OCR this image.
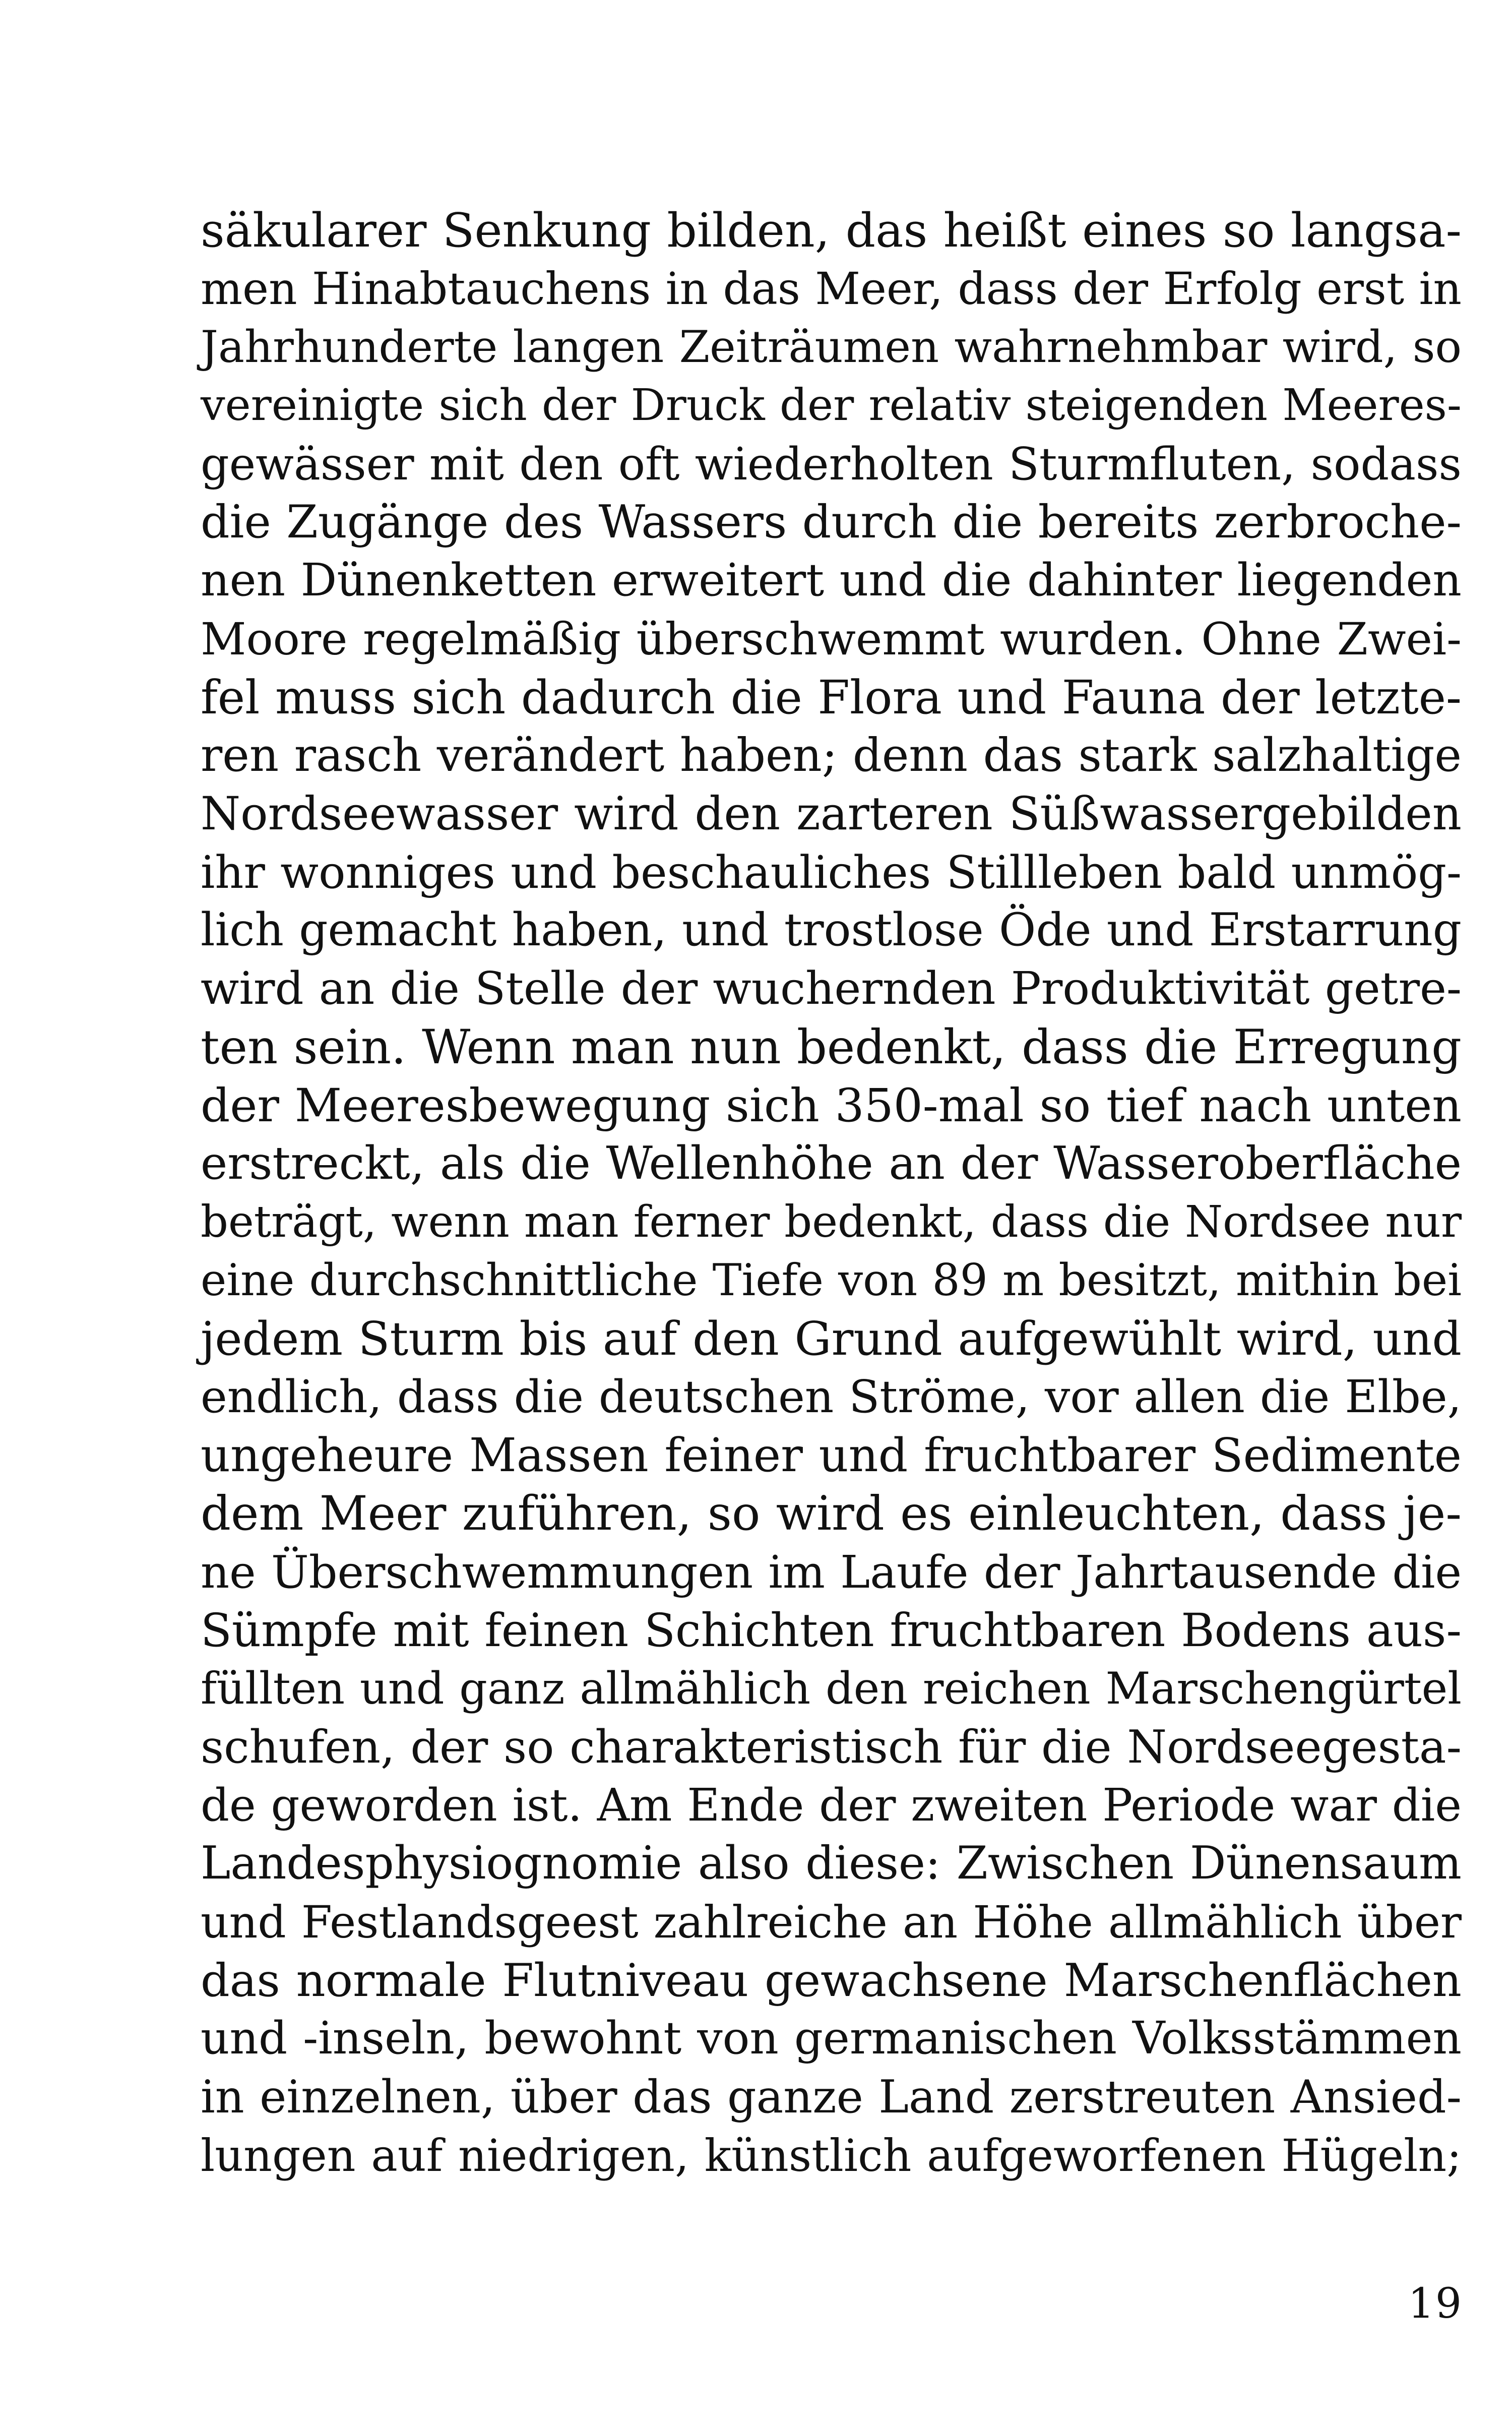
säkularer Senkung bilden, das heißt eines so langsa-
men Hinabtauchens in das Meer, dass der Erfolg erst in
Jahrhunderte langen Zeiträumen wahrnehmbar wird, so
vereinigte sich der Druck der relativ steigenden Meeres-
gewässer mit den oft wiederholten Sturmfluten, sodass
die Zugänge des Wassers durch die bereits zerbroche-
nen Dünenketten erweitert und die dahinter liegenden
Moore regelmäßig überschwemmt wurden. Ohne Zwei-
fel muss sich dadurch die Flora und Fauna der letzte-
ren rasch verändert haben; denn das stark salzhaltige
Nordseewasser wird den zarteren Süßwassergebilden
ihr wonniges und beschauliches Stillleben bald unmög-
lich gemacht haben, und trostlose Öde und Erstarrung
wird an die Stelle der wuchernden Produktivität getre-
ten sein. Wenn man nun bedenkt, dass die Erregung
der Meeresbewegung sich 350-mal so tief nach unten
erstreckt, als die Wellenhöhe an der Wasseroberfläche
beträgt, wenn man ferner bedenkt, dass die Nordsee nur
eine durchschnittliche Tiefe von 89 m besitzt, mithin bei
jedem Sturm bis auf den Grund aufgewühlt wird, und
endlich, dass die deutschen Ströme, vor allen die Elbe,
ungeheure Massen feiner und fruchtbarer Sedimente
dem Meer zuführen, so wird es einleuchten, dass je-
ne Überschwemmungen im Laufe der Jahrtausende die
Sümpfe mit feinen Schichten fruchtbaren Bodens aus-
füllten und ganz allmählich den reichen Marschengürtel
schufen, der so charakteristisch für die Nordseegesta-
de geworden ist. Am Ende der zweiten Periode war die
Landesphysiognomie also diese: Zwischen Dünensaum
und Festlandsgeest zahlreiche an Höhe allmählich über
das normale Flutniveau gewachsene Marschenflächen
und -inseln, bewohnt von germanischen Volksstämmen
in einzelnen, über das ganze Land zerstreuten Ansied-
lungen auf niedrigen, künstlich aufgeworfenen Hügeln;
19
